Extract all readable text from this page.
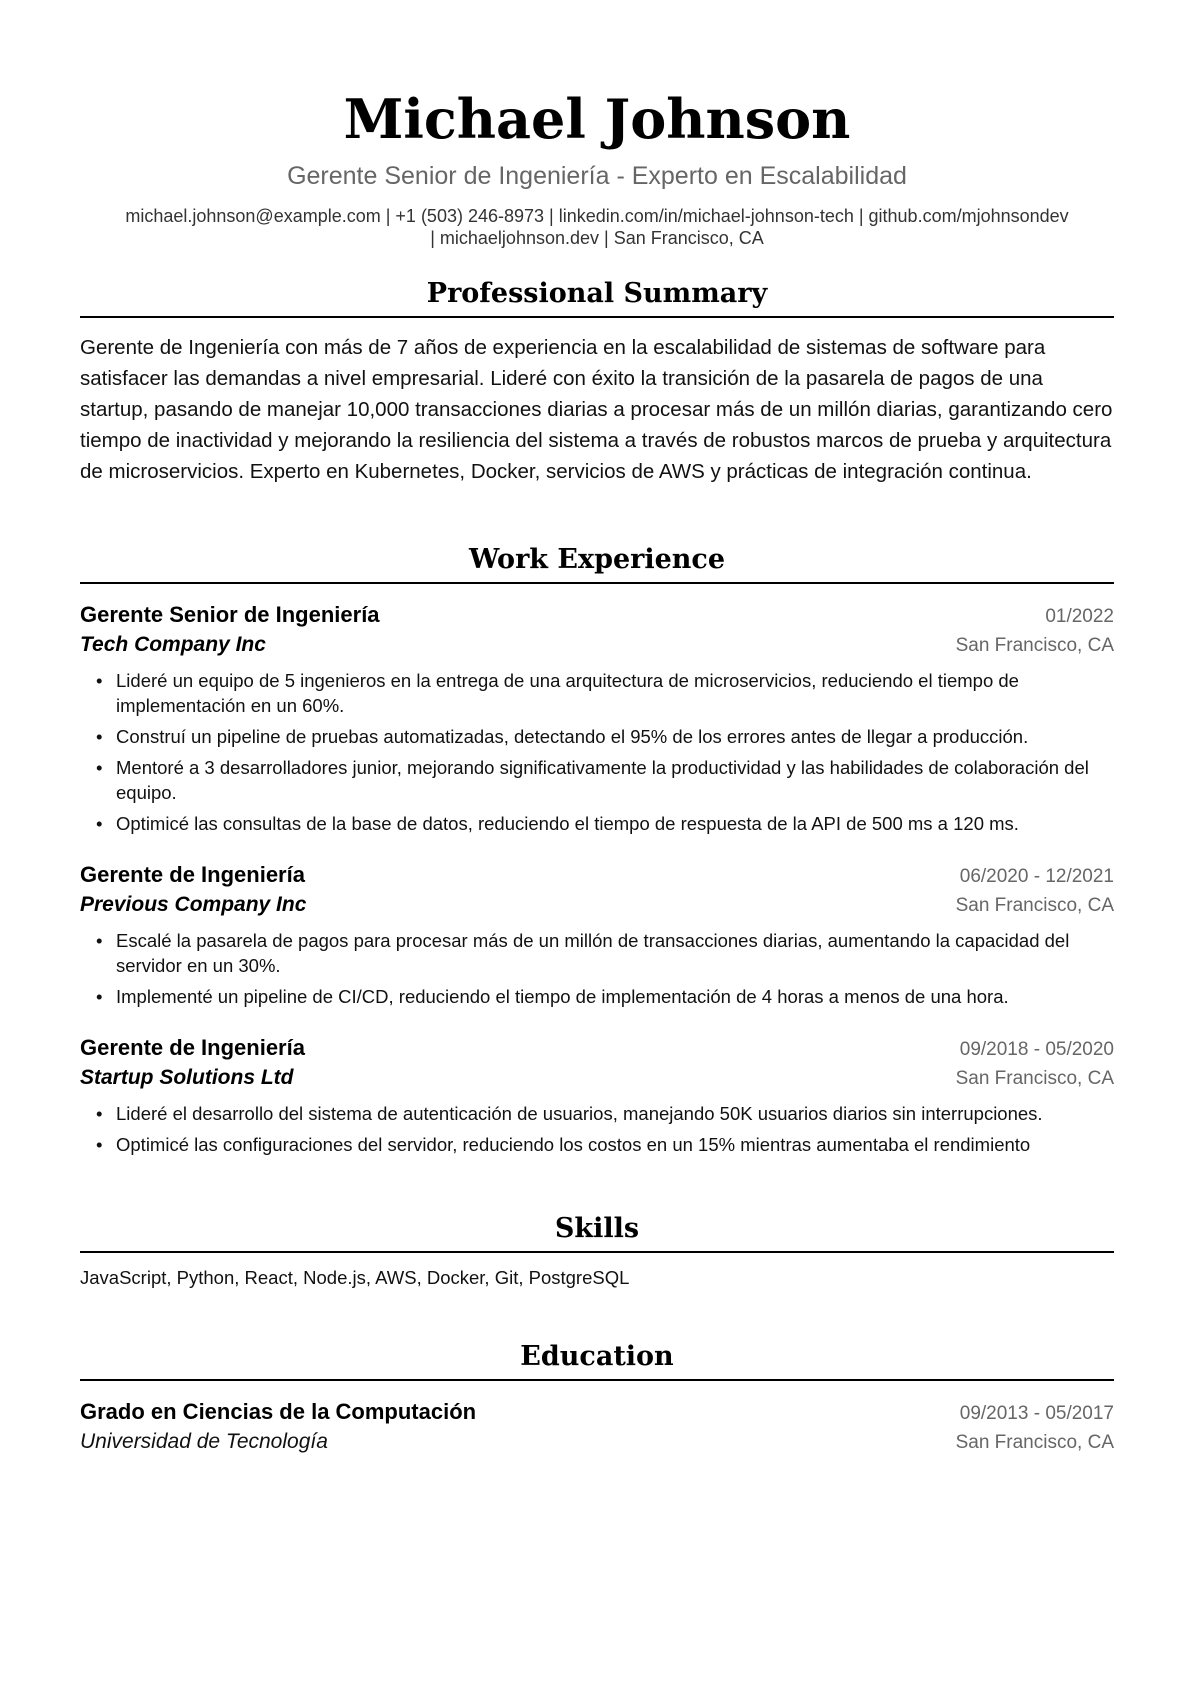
Michael Johnson
Gerente Senior de Ingeniería - Experto en Escalabilidad
michael.johnson@example.com | +1 (503) 246-8973 | linkedin.com/in/michael-johnson-tech | github.com/mjohnsondev
| michaeljohnson.dev | San Francisco, CA
Professional Summary
Gerente de Ingeniería con más de 7 años de experiencia en la escalabilidad de sistemas de software para satisfacer las demandas a nivel empresarial. Lideré con éxito la transición de la pasarela de pagos de una startup, pasando de manejar 10,000 transacciones diarias a procesar más de un millón diarias, garantizando cero tiempo de inactividad y mejorando la resiliencia del sistema a través de robustos marcos de prueba y arquitectura de microservicios. Experto en Kubernetes, Docker, servicios de AWS y prácticas de integración continua.
Work Experience
Gerente Senior de Ingeniería	01/2022
Tech Company Inc	San Francisco, CA
• Lideré un equipo de 5 ingenieros en la entrega de una arquitectura de microservicios, reduciendo el tiempo de implementación en un 60%.
• Construí un pipeline de pruebas automatizadas, detectando el 95% de los errores antes de llegar a producción.
• Mentoré a 3 desarrolladores junior, mejorando significativamente la productividad y las habilidades de colaboración del equipo.
• Optimicé las consultas de la base de datos, reduciendo el tiempo de respuesta de la API de 500 ms a 120 ms.
Gerente de Ingeniería	06/2020 - 12/2021
Previous Company Inc	San Francisco, CA
• Escalé la pasarela de pagos para procesar más de un millón de transacciones diarias, aumentando la capacidad del servidor en un 30%.
• Implementé un pipeline de CI/CD, reduciendo el tiempo de implementación de 4 horas a menos de una hora.
Gerente de Ingeniería	09/2018 - 05/2020
Startup Solutions Ltd	San Francisco, CA
• Lideré el desarrollo del sistema de autenticación de usuarios, manejando 50K usuarios diarios sin interrupciones.
• Optimicé las configuraciones del servidor, reduciendo los costos en un 15% mientras aumentaba el rendimiento
Skills
JavaScript, Python, React, Node.js, AWS, Docker, Git, PostgreSQL
Education
Grado en Ciencias de la Computación	09/2013 - 05/2017
Universidad de Tecnología	San Francisco, CA
